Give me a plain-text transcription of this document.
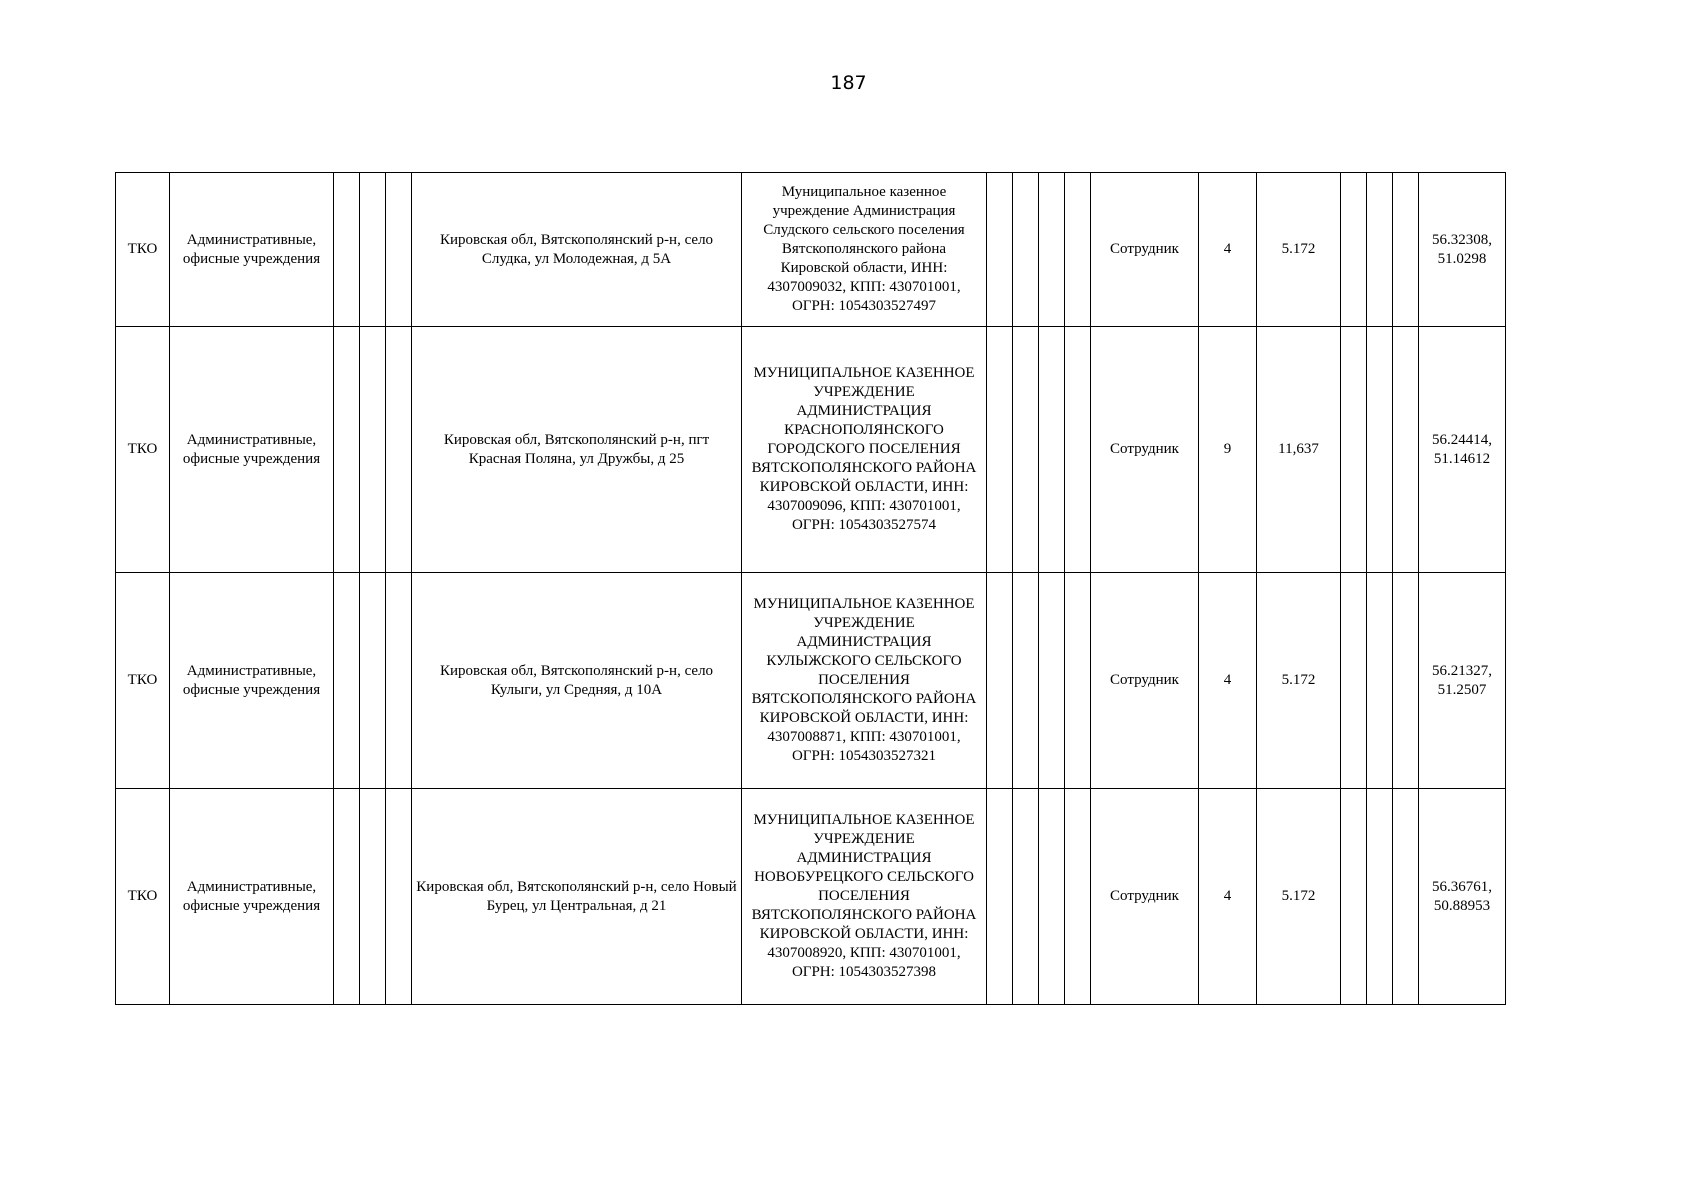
187
ТКО	Административные, офисные учреждения				Кировская обл, Вятскополянский р-н, село Слудка, ул Молодежная, д 5А	Муниципальное казенное учреждение Администрация Слудского сельского поселения Вятскополянского района Кировской области, ИНН: 4307009032, КПП: 430701001, ОГРН: 1054303527497					Сотрудник	4	5.172				56.32308, 51.0298
ТКО	Административные, офисные учреждения				Кировская обл, Вятскополянский р-н, пгт Красная Поляна, ул Дружбы, д 25	МУНИЦИПАЛЬНОЕ КАЗЕННОЕ УЧРЕЖДЕНИЕ АДМИНИСТРАЦИЯ КРАСНОПОЛЯНСКОГО ГОРОДСКОГО ПОСЕЛЕНИЯ ВЯТСКОПОЛЯНСКОГО РАЙОНА КИРОВСКОЙ ОБЛАСТИ, ИНН: 4307009096, КПП: 430701001, ОГРН: 1054303527574					Сотрудник	9	11,637				56.24414, 51.14612
ТКО	Административные, офисные учреждения				Кировская обл, Вятскополянский р-н, село Кулыги, ул Средняя, д 10А	МУНИЦИПАЛЬНОЕ КАЗЕННОЕ УЧРЕЖДЕНИЕ АДМИНИСТРАЦИЯ КУЛЫЖСКОГО СЕЛЬСКОГО ПОСЕЛЕНИЯ ВЯТСКОПОЛЯНСКОГО РАЙОНА КИРОВСКОЙ ОБЛАСТИ, ИНН: 4307008871, КПП: 430701001, ОГРН: 1054303527321					Сотрудник	4	5.172				56.21327, 51.2507
ТКО	Административные, офисные учреждения				Кировская обл, Вятскополянский р-н, село Новый Бурец, ул Центральная, д 21	МУНИЦИПАЛЬНОЕ КАЗЕННОЕ УЧРЕЖДЕНИЕ АДМИНИСТРАЦИЯ НОВОБУРЕЦКОГО СЕЛЬСКОГО ПОСЕЛЕНИЯ ВЯТСКОПОЛЯНСКОГО РАЙОНА КИРОВСКОЙ ОБЛАСТИ, ИНН: 4307008920, КПП: 430701001, ОГРН: 1054303527398					Сотрудник	4	5.172				56.36761, 50.88953
